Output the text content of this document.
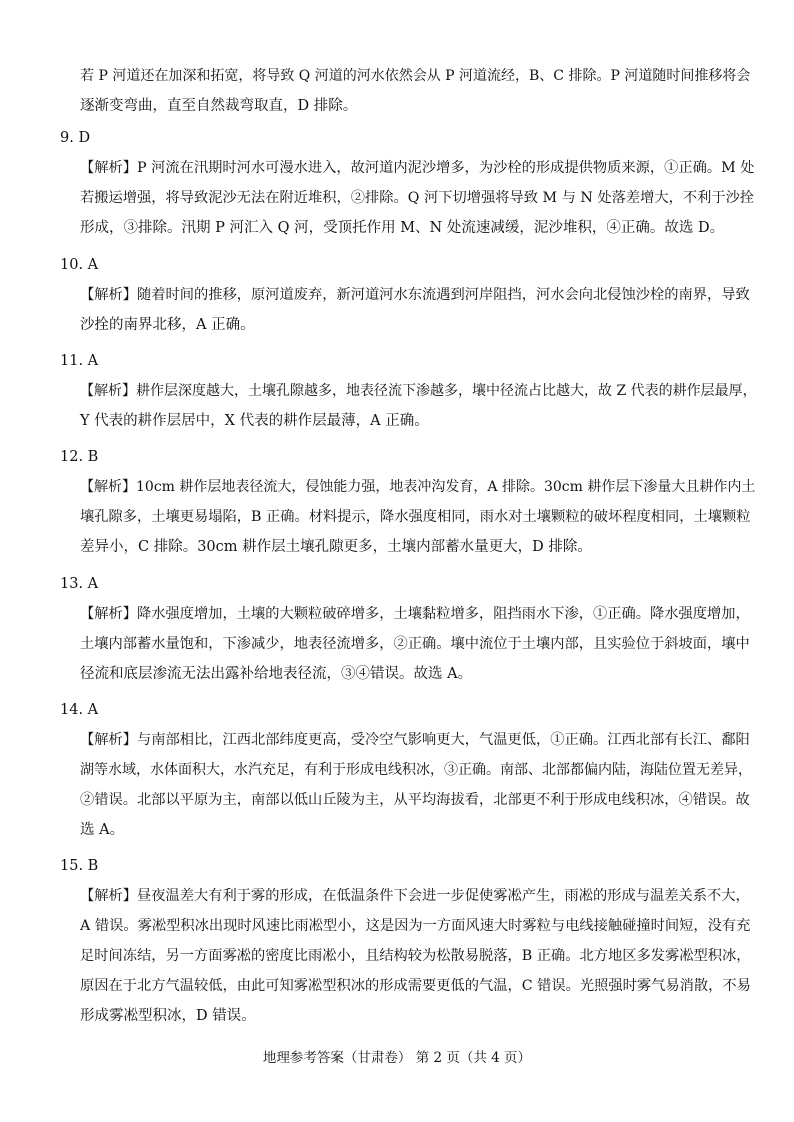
若 P 河道还在加深和拓宽，将导致 Q 河道的河水依然会从 P 河道流经，B、C 排除。P 河道随时间推移将会
逐渐变弯曲，直至自然裁弯取直，D 排除。
9. D
【解析】P 河流在汛期时河水可漫水进入，故河道内泥沙增多，为沙栓的形成提供物质来源，①正确。M 处
若搬运增强，将导致泥沙无法在附近堆积，②排除。Q 河下切增强将导致 M 与 N 处落差增大，不利于沙拴
形成，③排除。汛期 P 河汇入 Q 河，受顶托作用 M、N 处流速减缓，泥沙堆积，④正确。故选 D。
10. A
【解析】随着时间的推移，原河道废弃，新河道河水东流遇到河岸阻挡，河水会向北侵蚀沙栓的南界，导致
沙拴的南界北移，A 正确。
11. A
【解析】耕作层深度越大，土壤孔隙越多，地表径流下渗越多，壤中径流占比越大，故 Z 代表的耕作层最厚，
Y 代表的耕作层居中，X 代表的耕作层最薄，A 正确。
12. B
【解析】10cm 耕作层地表径流大，侵蚀能力强，地表冲沟发育，A 排除。30cm 耕作层下渗量大且耕作内土
壤孔隙多，土壤更易塌陷，B 正确。材料提示，降水强度相同，雨水对土壤颗粒的破坏程度相同，土壤颗粒
差异小，C 排除。30cm 耕作层土壤孔隙更多，土壤内部蓄水量更大，D 排除。
13. A
【解析】降水强度增加，土壤的大颗粒破碎增多，土壤黏粒增多，阻挡雨水下渗，①正确。降水强度增加，
土壤内部蓄水量饱和，下渗减少，地表径流增多，②正确。壤中流位于土壤内部，且实验位于斜坡面，壤中
径流和底层渗流无法出露补给地表径流，③④错误。故选 A。
14. A
【解析】与南部相比，江西北部纬度更高，受冷空气影响更大，气温更低，①正确。江西北部有长江、鄱阳
湖等水域，水体面积大，水汽充足，有利于形成电线积冰，③正确。南部、北部都偏内陆，海陆位置无差异，
②错误。北部以平原为主，南部以低山丘陵为主，从平均海拔看，北部更不利于形成电线积冰，④错误。故
选 A。
15. B
【解析】昼夜温差大有利于雾的形成，在低温条件下会进一步促使雾凇产生，雨凇的形成与温差关系不大，
A 错误。雾凇型积冰出现时风速比雨凇型小，这是因为一方面风速大时雾粒与电线接触碰撞时间短，没有充
足时间冻结，另一方面雾凇的密度比雨凇小，且结构较为松散易脱落，B 正确。北方地区多发雾凇型积冰，
原因在于北方气温较低，由此可知雾凇型积冰的形成需要更低的气温，C 错误。光照强时雾气易消散，不易
形成雾凇型积冰，D 错误。
地理参考答案（甘肃卷） 第 2 页（共 4 页）
